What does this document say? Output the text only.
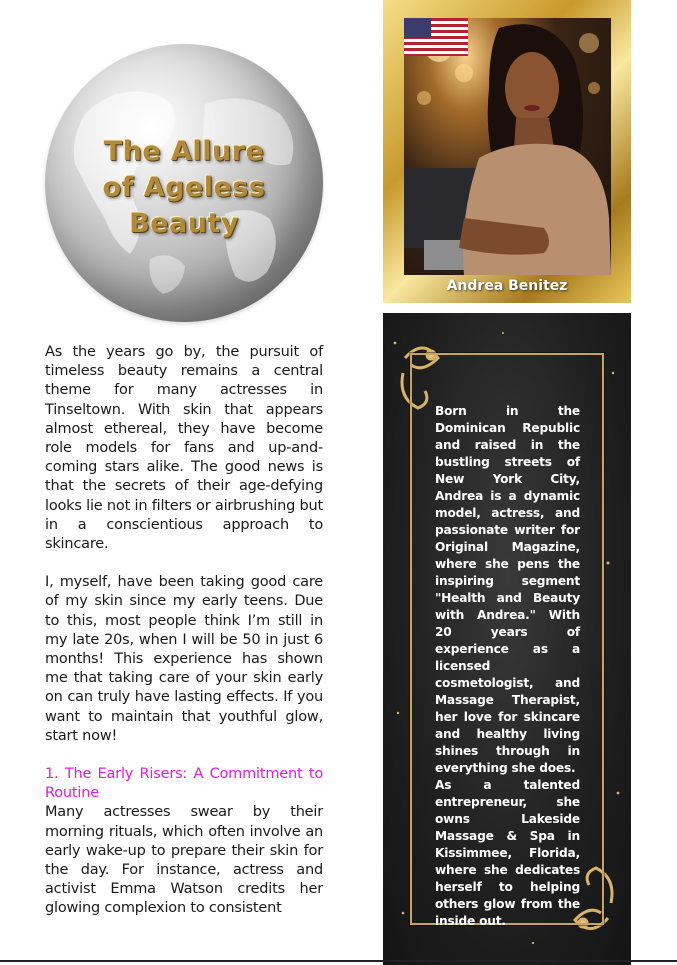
The Allure
of Ageless
Beauty
Andrea Benitez

As the years go by, the pursuit of timeless beauty remains a central theme for many actresses in Tinseltown. With skin that appears almost ethereal, they have become role models for fans and up-and-coming stars alike. The good news is that the secrets of their age-defying looks lie not in filters or airbrushing but in a conscientious approach to skincare.

I, myself, have been taking good care of my skin since my early teens. Due to this, most people think I’m still in my late 20s, when I will be 50 in just 6 months! This experience has shown me that taking care of your skin early on can truly have lasting effects. If you want to maintain that youthful glow, start now!

1. The Early Risers: A Commitment to Routine
Many actresses swear by their morning rituals, which often involve an early wake-up to prepare their skin for the day. For instance, actress and activist Emma Watson credits her glowing complexion to consistent

Born in the Dominican Republic and raised in the bustling streets of New York City, Andrea is a dynamic model, actress, and passionate writer for Original Magazine, where she pens the inspiring segment "Health and Beauty with Andrea." With 20 years of experience as a licensed cosmetologist, and Massage Therapist, her love for skincare and healthy living shines through in everything she does.

As a talented entrepreneur, she owns Lakeside Massage & Spa in Kissimmee, Florida, where she dedicates herself to helping others glow from the inside out.
